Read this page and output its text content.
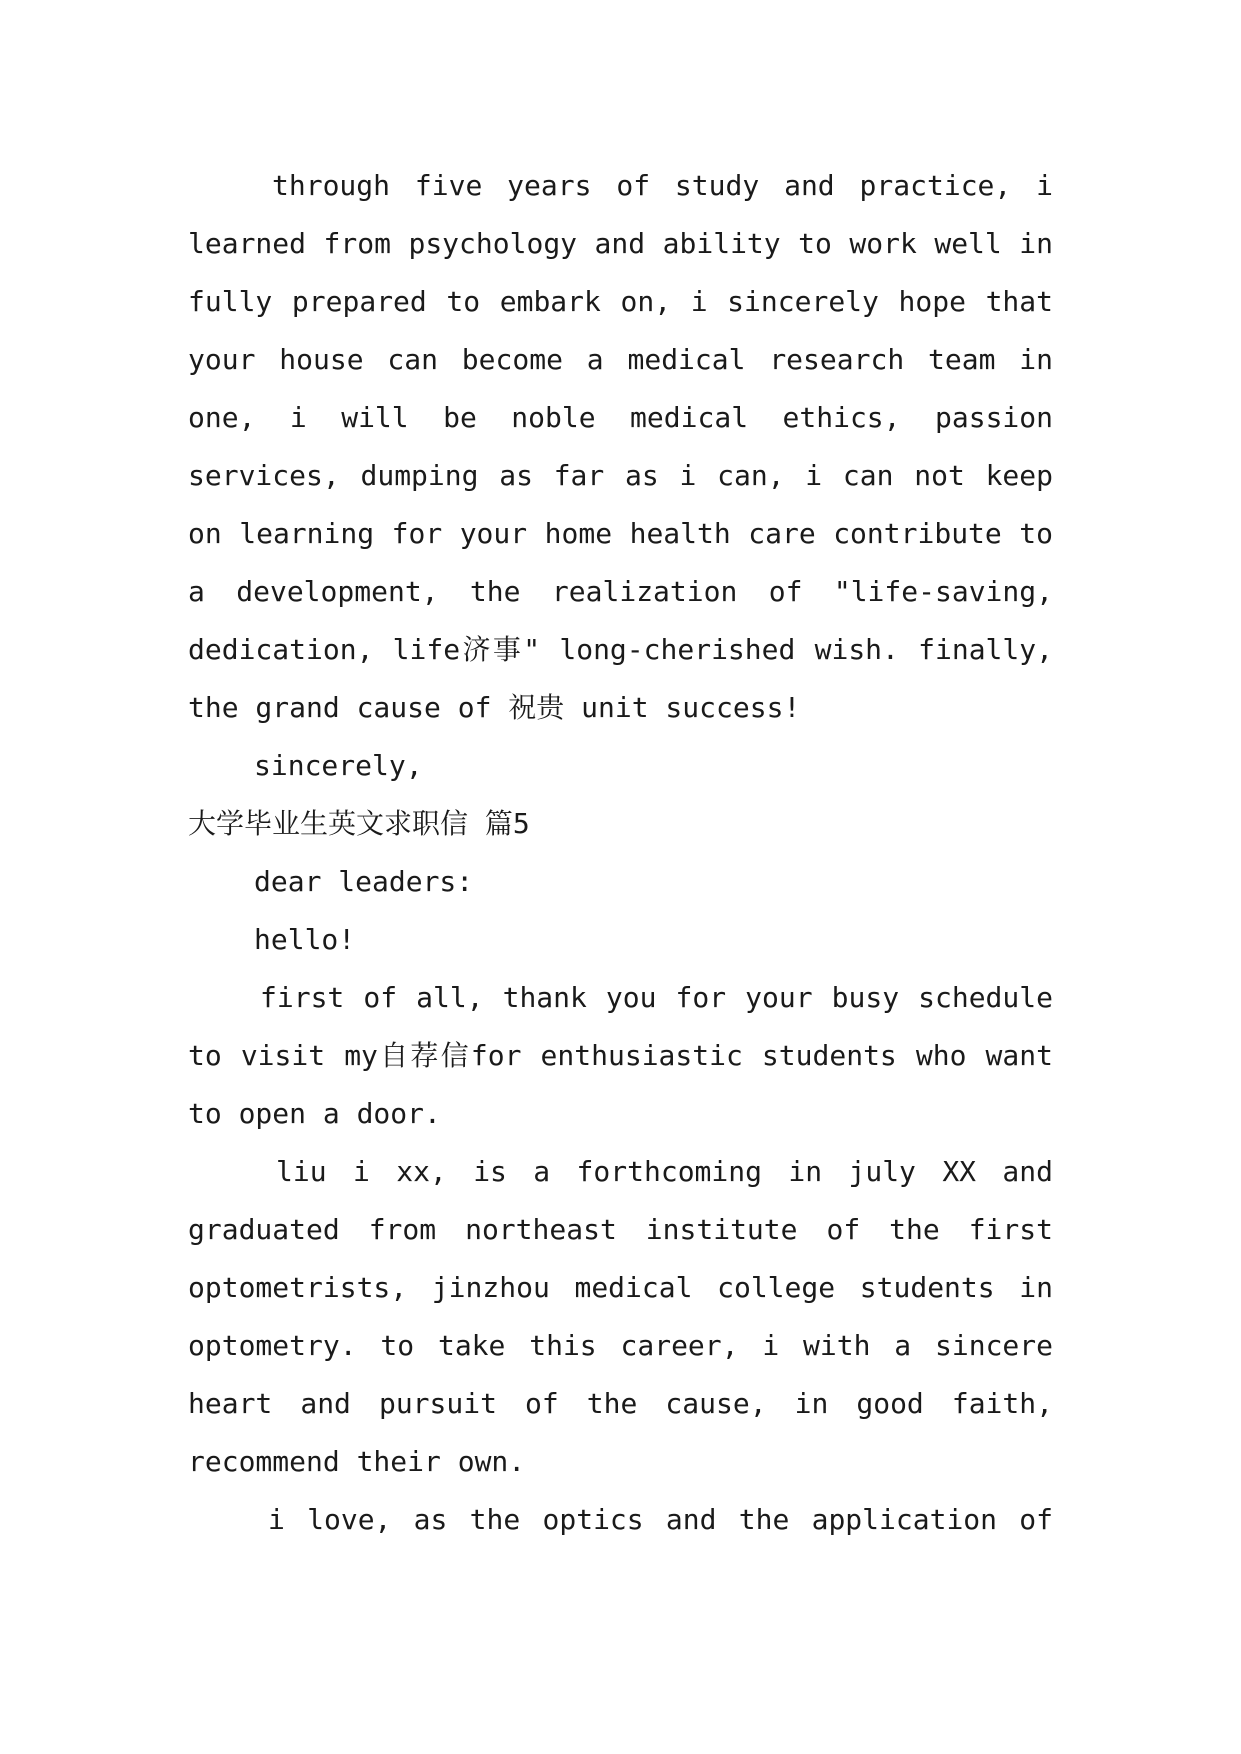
through five years of study and practice, i
learned from psychology and ability to work well in
fully prepared to embark on, i sincerely hope that
your house can become a medical research team in
one, i will be noble medical ethics, passion
services, dumping as far as i can, i can not keep
on learning for your home health care contribute to
a development, the realization of "life-saving,
dedication, life济事" long-cherished wish. finally,
the grand cause of 祝贵 unit success!
sincerely,
大学毕业生英文求职信 篇5
dear leaders:
hello!
first of all, thank you for your busy schedule
to visit my自荐信for enthusiastic students who want
to open a door.
liu i xx, is a forthcoming in july XX and
graduated from northeast institute of the first
optometrists, jinzhou medical college students in
optometry. to take this career, i with a sincere
heart and pursuit of the cause, in good faith,
recommend their own.
i love, as the optics and the application of
